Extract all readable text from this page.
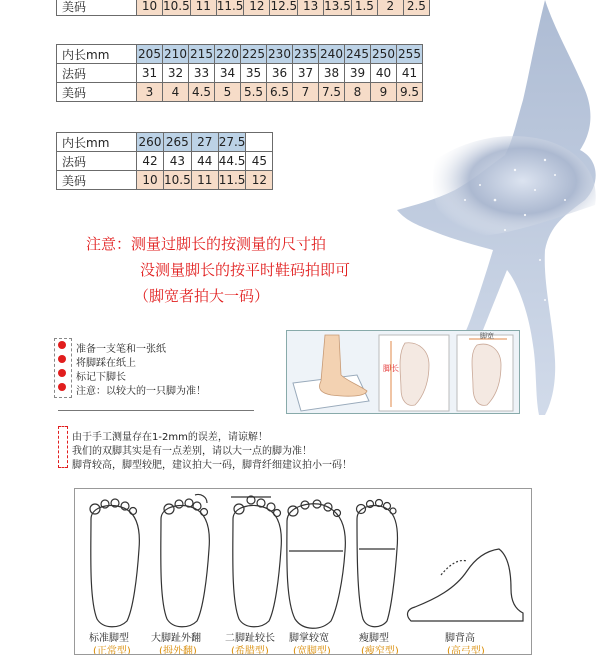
美码	10	10.5	11	11.5	12	12.5	13	13.5	1.5	2	2.5
内长mm	205	210	215	220	225	230	235	240	245	250	255
法码	31	32	33	34	35	36	37	38	39	40	41
美码	3	4	4.5	5	5.5	6.5	7	7.5	8	9	9.5
内长mm	260	265	27	27.5	
法码	42	43	44	44.5	45
美码	10	10.5	11	11.5	12
注意：测量过脚长的按测量的尺寸拍
没测量脚长的按平时鞋码拍即可
（脚宽者拍大一码）
准备一支笔和一张纸
将脚踩在纸上
标记下脚长
注意：以较大的一只脚为准！
脚长
脚宽
由于手工测量存在1-2mm的误差，请谅解！
我们的双脚其实是有一点差别，请以大一点的脚为准！
脚背较高，脚型较肥，建议拍大一码，脚背纤细建议拍小一码！
标准脚型 大脚趾外翻 二脚趾较长 脚掌较宽	瘦脚型	脚背高
(正常型)	(拇外翻)	(希腊型) (宽脚型)	(瘦窄型)	(高弓型)
